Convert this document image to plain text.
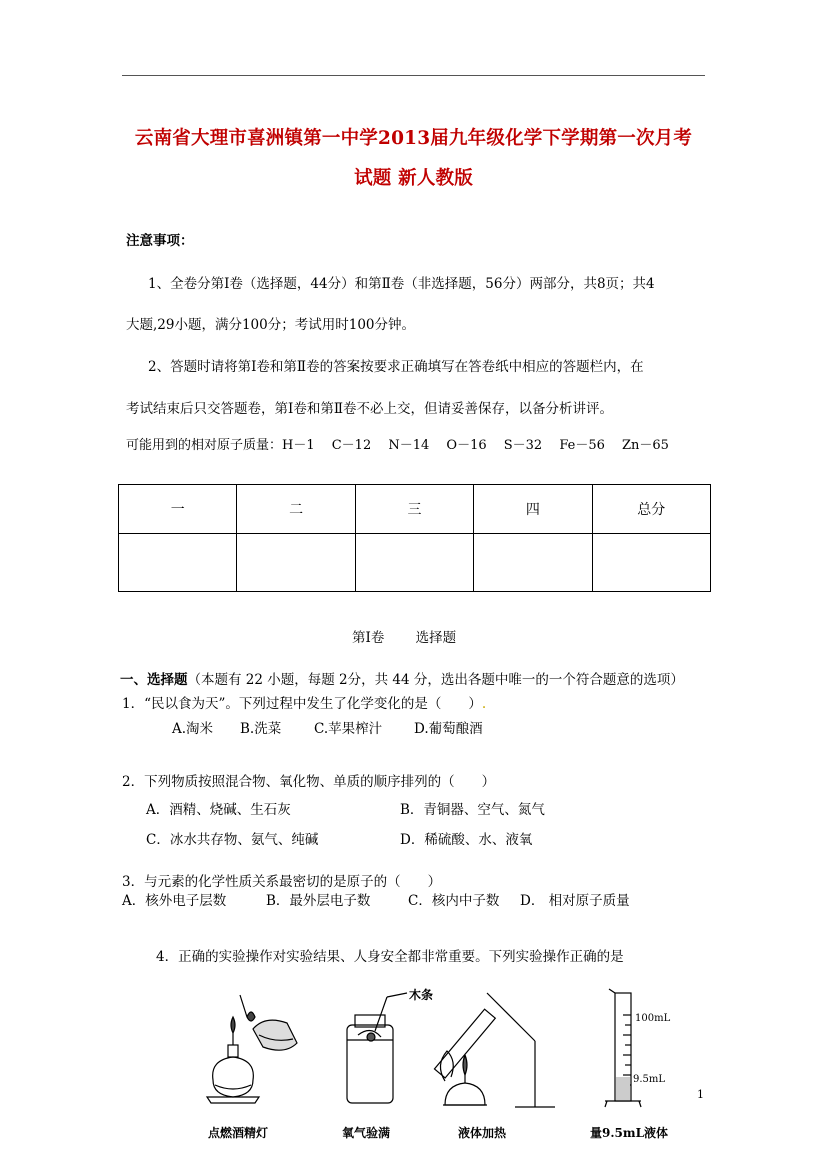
云南省大理市喜洲镇第一中学2013届九年级化学下学期第一次月考
试题 新人教版
注意事项：
1、全卷分第Ⅰ卷（选择题，44分）和第Ⅱ卷（非选择题，56分）两部分，共8页；共4
大题,29小题，满分100分；考试用时100分钟。
2、答题时请将第Ⅰ卷和第Ⅱ卷的答案按要求正确填写在答卷纸中相应的答题栏内，在
考试结束后只交答题卷，第Ⅰ卷和第Ⅱ卷不必上交，但请妥善保存，以备分析讲评。
可能用到的相对原子质量：H－1　 C－12　 N－14　 O－16　 S－32　 Fe－56　 Zn－65
一	二	三	四	总分

第Ⅰ卷　　 选择题
一、选择题（本题有 22 小题，每题 2分，共 44 分，选出各题中唯一的一个符合题意的选项）
1．“民以食为天”。下列过程中发生了化学变化的是（　　）.
A.淘米 B.洗菜 C.苹果榨汁 D.葡萄酿酒
2．下列物质按照混合物、氧化物、单质的顺序排列的（　　）
A．酒精、烧碱、生石灰	B．青铜器、空气、氮气
C．冰水共存物、氨气、纯碱	D．稀硫酸、水、液氧
3．与元素的化学性质关系最密切的是原子的（　　）
A．核外电子层数	B．最外层电子数	C．核内中子数 D． 相对原子质量
4．正确的实验操作对实验结果、人身安全都非常重要。下列实验操作正确的是
木条
100mL
9.5mL
点燃酒精灯	氧气验满	液体加热	量9.5mL液体
1
